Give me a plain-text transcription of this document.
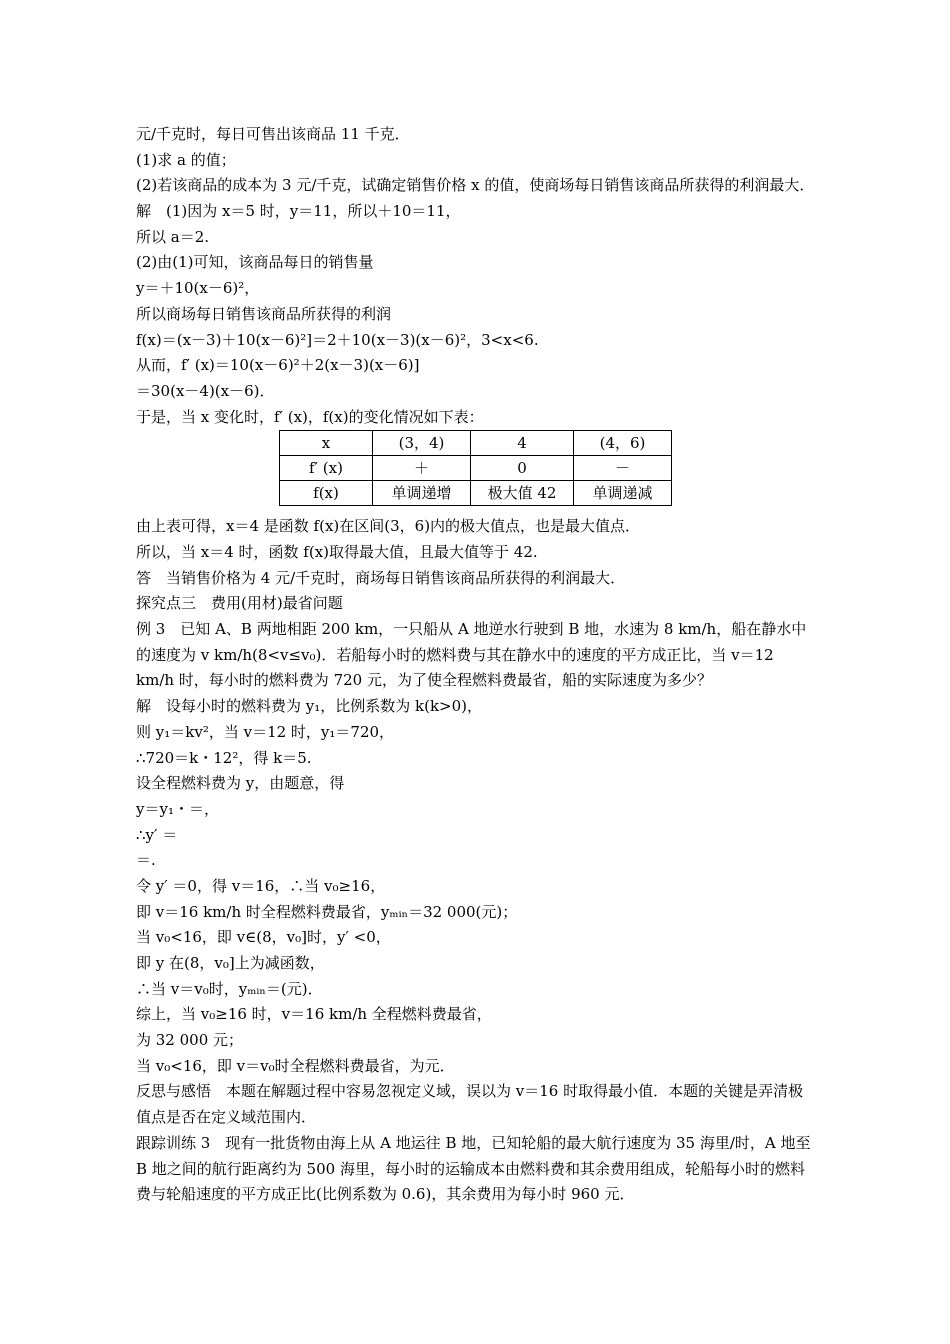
元/千克时，每日可售出该商品 11 千克．
(1)求 a 的值；
(2)若该商品的成本为 3 元/千克，试确定销售价格 x 的值，使商场每日销售该商品所获得的利润最大．
解　(1)因为 x＝5 时，y＝11，所以＋10＝11，
所以 a＝2.
(2)由(1)可知，该商品每日的销售量
y＝＋10(x－6)²，
所以商场每日销售该商品所获得的利润
f(x)＝(x－3)＋10(x－6)²]＝2＋10(x－3)(x－6)²，3<x<6.
从而，f′ (x)＝10(x－6)²＋2(x－3)(x－6)]
＝30(x－4)(x－6)．
于是，当 x 变化时，f′ (x)，f(x)的变化情况如下表：
x	(3，4)	4	(4，6)
f′ (x)	＋	0	－
f(x)	单调递增	极大值 42	单调递减
由上表可得，x＝4 是函数 f(x)在区间(3，6)内的极大值点，也是最大值点．
所以，当 x＝4 时，函数 f(x)取得最大值，且最大值等于 42.
答　当销售价格为 4 元/千克时，商场每日销售该商品所获得的利润最大．
探究点三　费用(用材)最省问题
例 3　已知 A、B 两地相距 200 km，一只船从 A 地逆水行驶到 B 地，水速为 8 km/h，船在静水中的速度为 v km/h(8<v≤v₀)．若船每小时的燃料费与其在静水中的速度的平方成正比，当 v＝12 km/h 时，每小时的燃料费为 720 元，为了使全程燃料费最省，船的实际速度为多少？
解　设每小时的燃料费为 y₁，比例系数为 k(k>0)，
则 y₁＝kv²，当 v＝12 时，y₁＝720，
∴720＝k・12²，得 k＝5.
设全程燃料费为 y，由题意，得
y＝y₁・＝，
∴y′ ＝
＝.
令 y′ ＝0，得 v＝16，∴当 v₀≥16，
即 v＝16 km/h 时全程燃料费最省，yₘᵢₙ＝32 000(元)；
当 v₀<16，即 v∈(8，v₀]时，y′ <0，
即 y 在(8，v₀]上为减函数，
∴当 v＝v₀时，yₘᵢₙ＝(元)．
综上，当 v₀≥16 时，v＝16 km/h 全程燃料费最省，
为 32 000 元；
当 v₀<16，即 v＝v₀时全程燃料费最省，为元．
反思与感悟　本题在解题过程中容易忽视定义域，误以为 v＝16 时取得最小值．本题的关键是弄清极值点是否在定义域范围内．
跟踪训练 3　现有一批货物由海上从 A 地运往 B 地，已知轮船的最大航行速度为 35 海里/时，A 地至 B 地之间的航行距离约为 500 海里，每小时的运输成本由燃料费和其余费用组成，轮船每小时的燃料费与轮船速度的平方成正比(比例系数为 0.6)，其余费用为每小时 960 元．
